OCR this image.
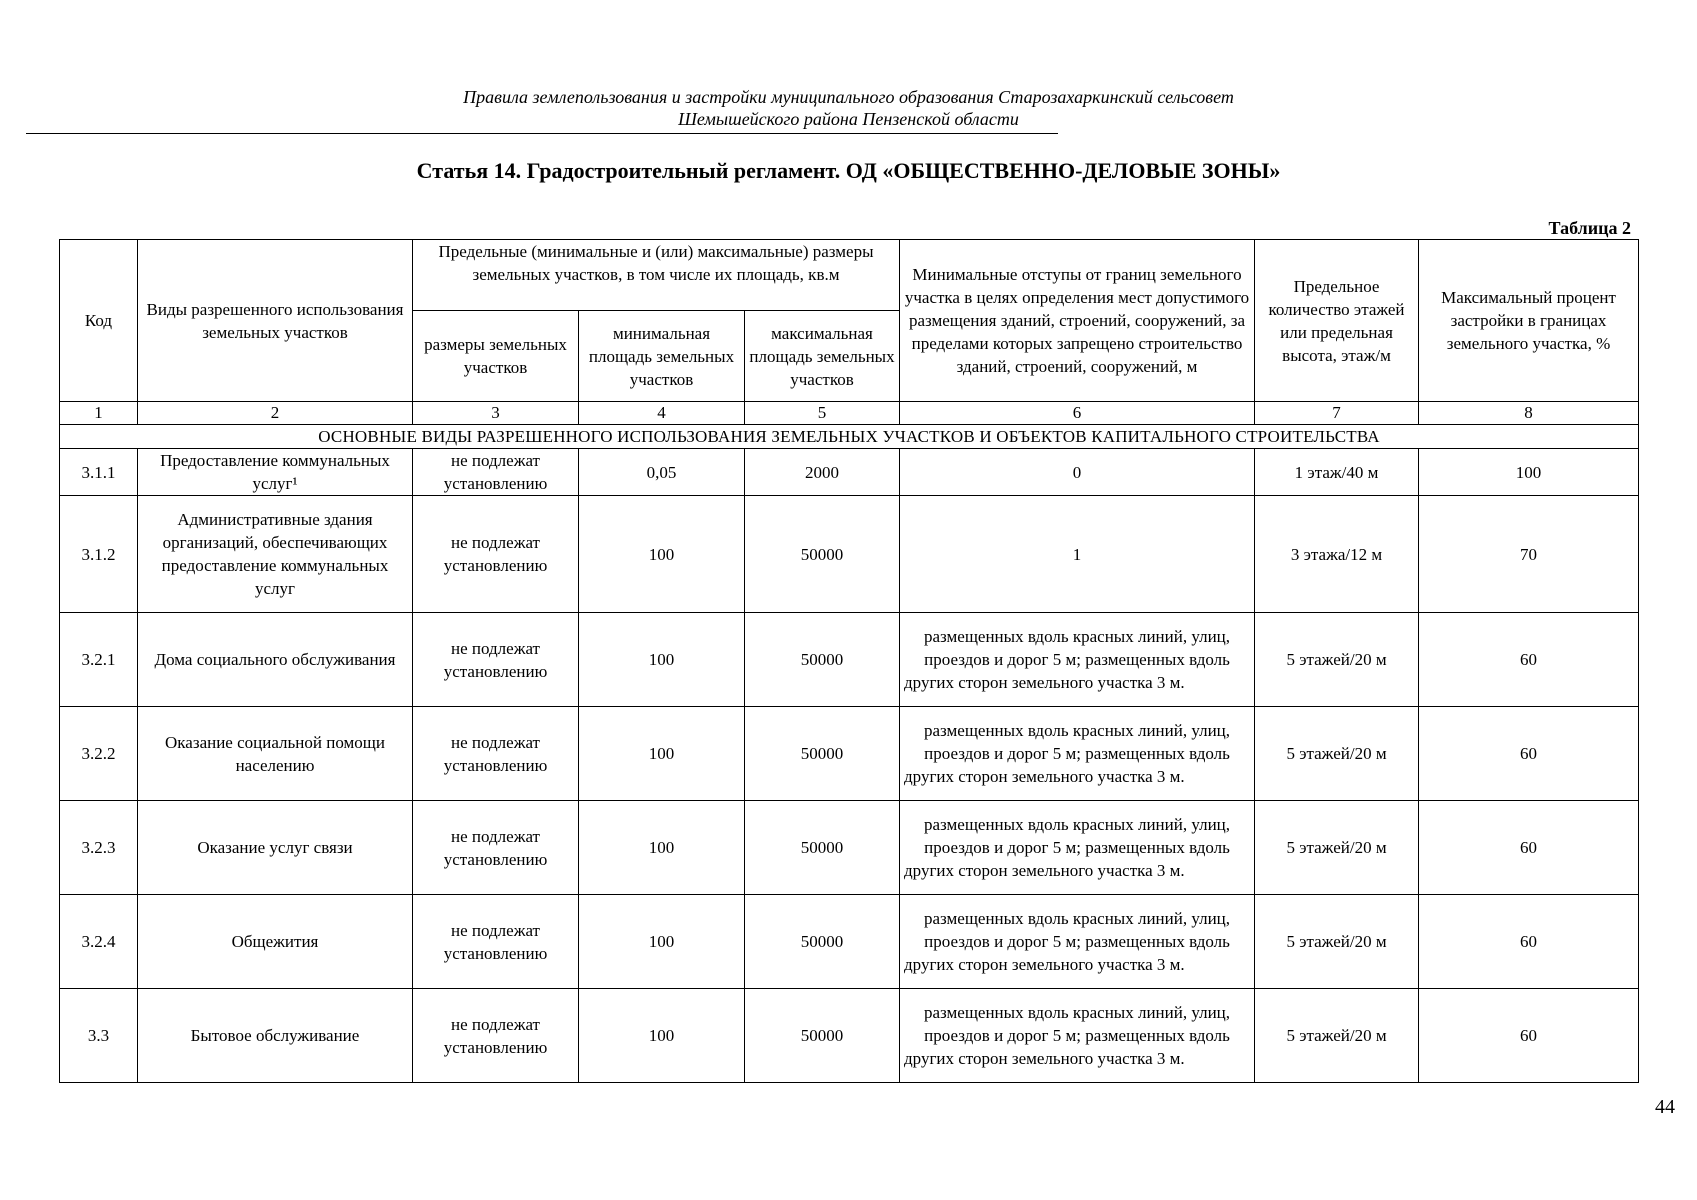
Правила землепользования и застройки муниципального образования Старозахаркинский сельсовет
Шемышейского района Пензенской области
Статья 14. Градостроительный регламент. ОД «ОБЩЕСТВЕННО-ДЕЛОВЫЕ ЗОНЫ»
Таблица 2
Код	Виды разрешенного использования земельных участков	Предельные (минимальные и (или) максимальные) размеры земельных участков, в том числе их площадь, кв.м			Минимальные отступы от границ земельного участка в целях определения мест допустимого размещения зданий, строений, сооружений, за пределами которых запрещено строительство зданий, строений, сооружений, м	Предельное количество этажей или предельная высота, этаж/м	Максимальный процент застройки в границах земельного участка, %
		размеры земельных участков	минимальная площадь земельных участков	максимальная площадь земельных участков			
1	2	3	4	5	6	7	8
ОСНОВНЫЕ ВИДЫ РАЗРЕШЕННОГО ИСПОЛЬЗОВАНИЯ ЗЕМЕЛЬНЫХ УЧАСТКОВ И ОБЪЕКТОВ КАПИТАЛЬНОГО СТРОИТЕЛЬСТВА							
3.1.1	Предоставление коммунальных услуг¹	не подлежат установлению	0,05	2000	0	1 этаж/40 м	100
3.1.2	Административные здания организаций, обеспечивающих предоставление коммунальных услуг	не подлежат установлению	100	50000	1	3 этажа/12 м	70
3.2.1	Дома социального обслуживания	не подлежат установлению	100	50000	размещенных вдоль красных линий, улиц, проездов и дорог 5 м; размещенных вдоль других сторон земельного участка 3 м.	5 этажей/20 м	60
3.2.2	Оказание социальной помощи населению	не подлежат установлению	100	50000	размещенных вдоль красных линий, улиц, проездов и дорог 5 м; размещенных вдоль других сторон земельного участка 3 м.	5 этажей/20 м	60
3.2.3	Оказание услуг связи	не подлежат установлению	100	50000	размещенных вдоль красных линий, улиц, проездов и дорог 5 м; размещенных вдоль других сторон земельного участка 3 м.	5 этажей/20 м	60
3.2.4	Общежития	не подлежат установлению	100	50000	размещенных вдоль красных линий, улиц, проездов и дорог 5 м; размещенных вдоль других сторон земельного участка 3 м.	5 этажей/20 м	60
3.3	Бытовое обслуживание	не подлежат установлению	100	50000	размещенных вдоль красных линий, улиц, проездов и дорог 5 м; размещенных вдоль других сторон земельного участка 3 м.	5 этажей/20 м	60
44
